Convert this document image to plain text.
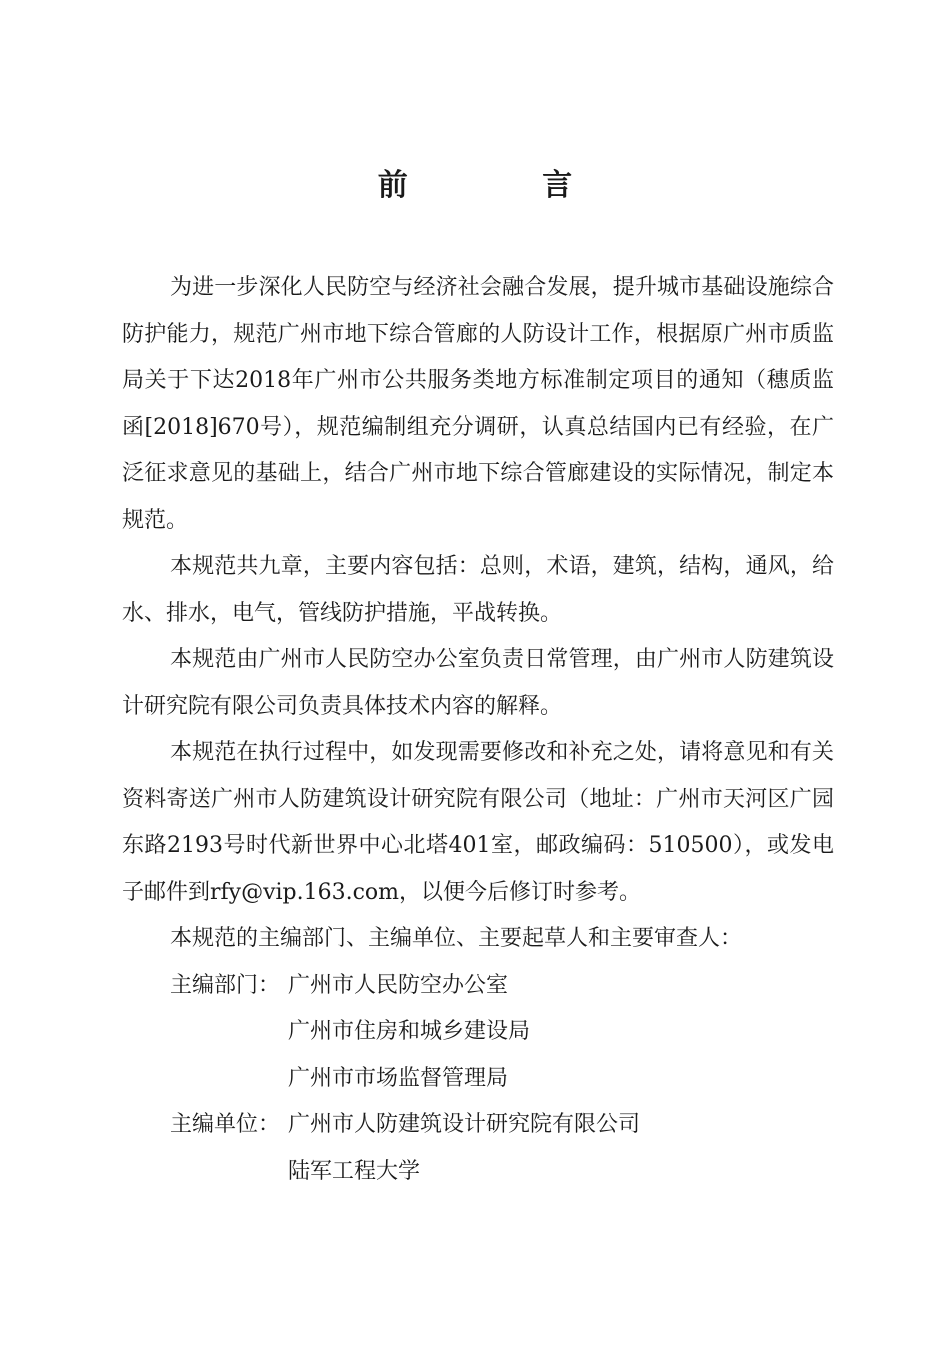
前 言

为进一步深化人民防空与经济社会融合发展，提升城市基础设施综合防护能力，规范广州市地下综合管廊的人防设计工作，根据原广州市质监局关于下达2018年广州市公共服务类地方标准制定项目的通知（穗质监函[2018]670号），规范编制组充分调研，认真总结国内已有经验，在广泛征求意见的基础上，结合广州市地下综合管廊建设的实际情况，制定本规范。

本规范共九章，主要内容包括：总则，术语，建筑，结构，通风，给水、排水，电气，管线防护措施，平战转换。

本规范由广州市人民防空办公室负责日常管理，由广州市人防建筑设计研究院有限公司负责具体技术内容的解释。

本规范在执行过程中，如发现需要修改和补充之处，请将意见和有关资料寄送广州市人防建筑设计研究院有限公司（地址：广州市天河区广园东路2193号时代新世界中心北塔401室，邮政编码：510500），或发电子邮件到rfy@vip.163.com，以便今后修订时参考。

本规范的主编部门、主编单位、主要起草人和主要审查人：

主编部门： 广州市人民防空办公室
广州市住房和城乡建设局
广州市市场监督管理局
主编单位： 广州市人防建筑设计研究院有限公司
陆军工程大学
